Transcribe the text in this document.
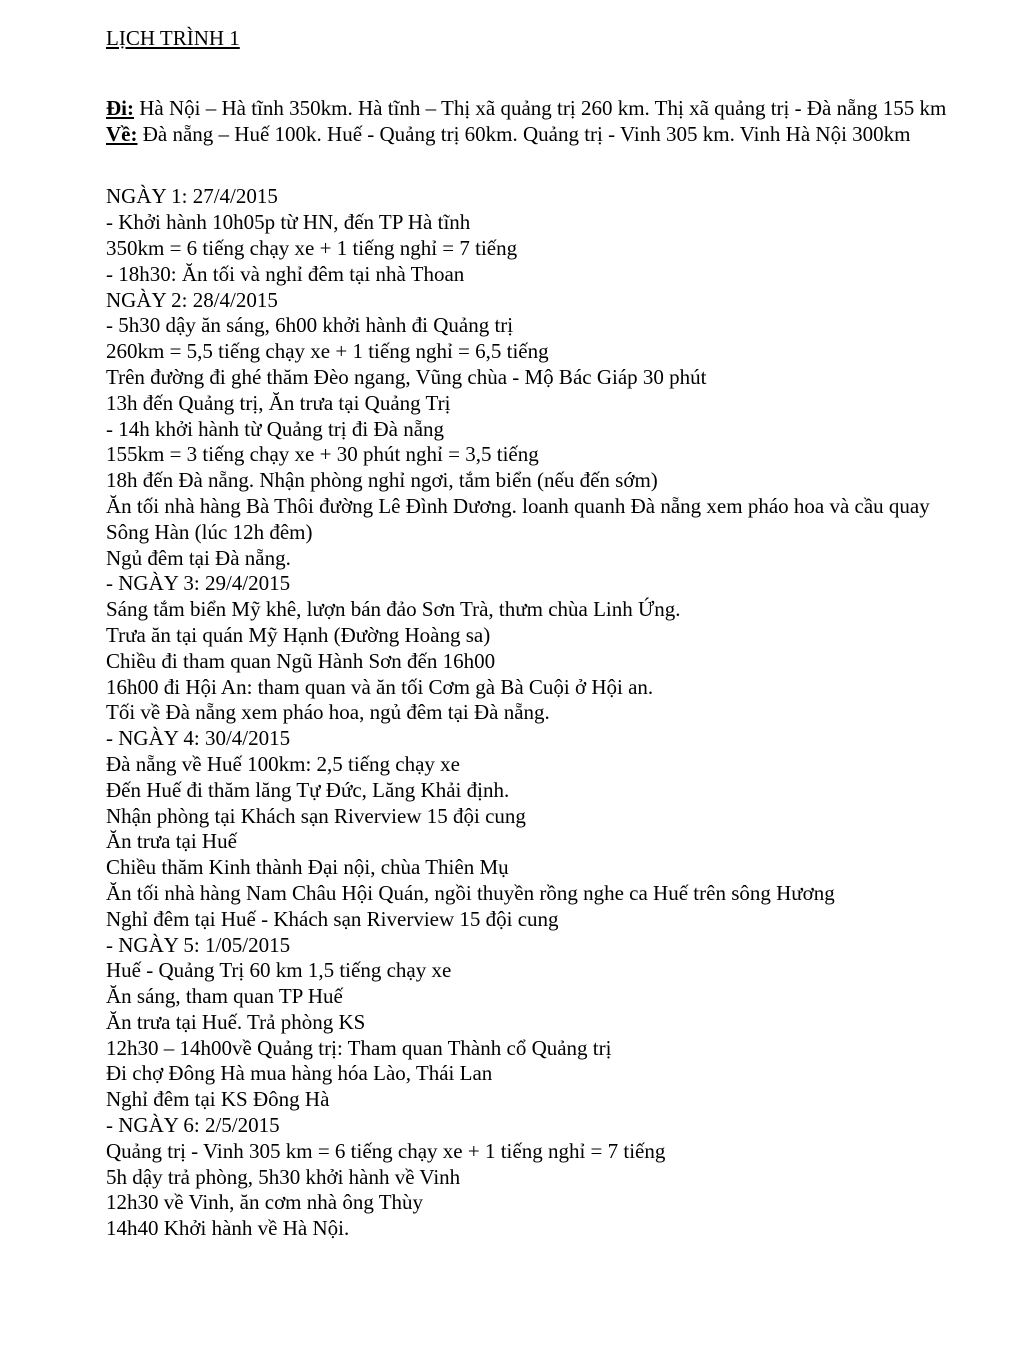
LỊCH TRÌNH 1
Đi: Hà Nội – Hà tĩnh 350km. Hà tĩnh – Thị xã quảng trị 260 km. Thị xã quảng trị - Đà nẵng 155 km
Về: Đà nẵng – Huế 100k. Huế - Quảng trị 60km. Quảng trị - Vinh 305 km. Vinh Hà Nội 300km
NGÀY 1: 27/4/2015
- Khởi hành 10h05p từ HN, đến TP Hà tĩnh
350km = 6 tiếng chạy xe + 1 tiếng nghỉ = 7 tiếng
- 18h30: Ăn tối và nghỉ đêm tại nhà Thoan
NGÀY 2: 28/4/2015
- 5h30 dậy ăn sáng, 6h00 khởi hành đi Quảng trị
260km = 5,5 tiếng chạy xe + 1 tiếng nghỉ = 6,5 tiếng
Trên đường đi ghé thăm Đèo ngang, Vũng chùa - Mộ Bác Giáp 30 phút
13h đến Quảng trị, Ăn trưa tại Quảng Trị
- 14h khởi hành từ Quảng trị đi Đà nẵng
155km = 3 tiếng chạy xe + 30 phút nghỉ = 3,5 tiếng
18h đến Đà nẵng. Nhận phòng nghỉ ngơi, tắm biển (nếu đến sớm)
Ăn tối nhà hàng Bà Thôi đường Lê Đình Dương. loanh quanh Đà nẵng xem pháo hoa và cầu quay
Sông Hàn (lúc 12h đêm)
Ngủ đêm tại Đà nẵng.
- NGÀY 3: 29/4/2015
Sáng tắm biển Mỹ khê, lượn bán đảo Sơn Trà, thưm chùa Linh Ứng.
Trưa ăn tại quán Mỹ Hạnh (Đường Hoàng sa)
Chiều đi tham quan Ngũ Hành Sơn đến 16h00
16h00 đi Hội An: tham quan và ăn tối Cơm gà Bà Cuội ở Hội an.
Tối về Đà nẵng xem pháo hoa, ngủ đêm tại Đà nẵng.
- NGÀY 4: 30/4/2015
Đà nẵng về Huế 100km: 2,5 tiếng chạy xe
Đến Huế đi thăm lăng Tự Đức, Lăng Khải định.
Nhận phòng tại Khách sạn Riverview 15 đội cung
Ăn trưa tại Huế
Chiều thăm Kinh thành Đại nội, chùa Thiên Mụ
Ăn tối nhà hàng Nam Châu Hội Quán, ngồi thuyền rồng nghe ca Huế trên sông Hương
Nghỉ đêm tại Huế - Khách sạn Riverview 15 đội cung
- NGÀY 5: 1/05/2015
Huế - Quảng Trị 60 km 1,5 tiếng chạy xe
Ăn sáng, tham quan TP Huế
Ăn trưa tại Huế. Trả phòng KS
12h30 – 14h00về Quảng trị: Tham quan Thành cổ Quảng trị
Đi chợ Đông Hà mua hàng hóa Lào, Thái Lan
Nghỉ đêm tại KS Đông Hà
- NGÀY 6: 2/5/2015
Quảng trị - Vinh 305 km = 6 tiếng chạy xe + 1 tiếng nghỉ = 7 tiếng
5h dậy trả phòng, 5h30 khởi hành về Vinh
12h30 về Vinh, ăn cơm nhà ông Thùy
14h40 Khởi hành về Hà Nội.
